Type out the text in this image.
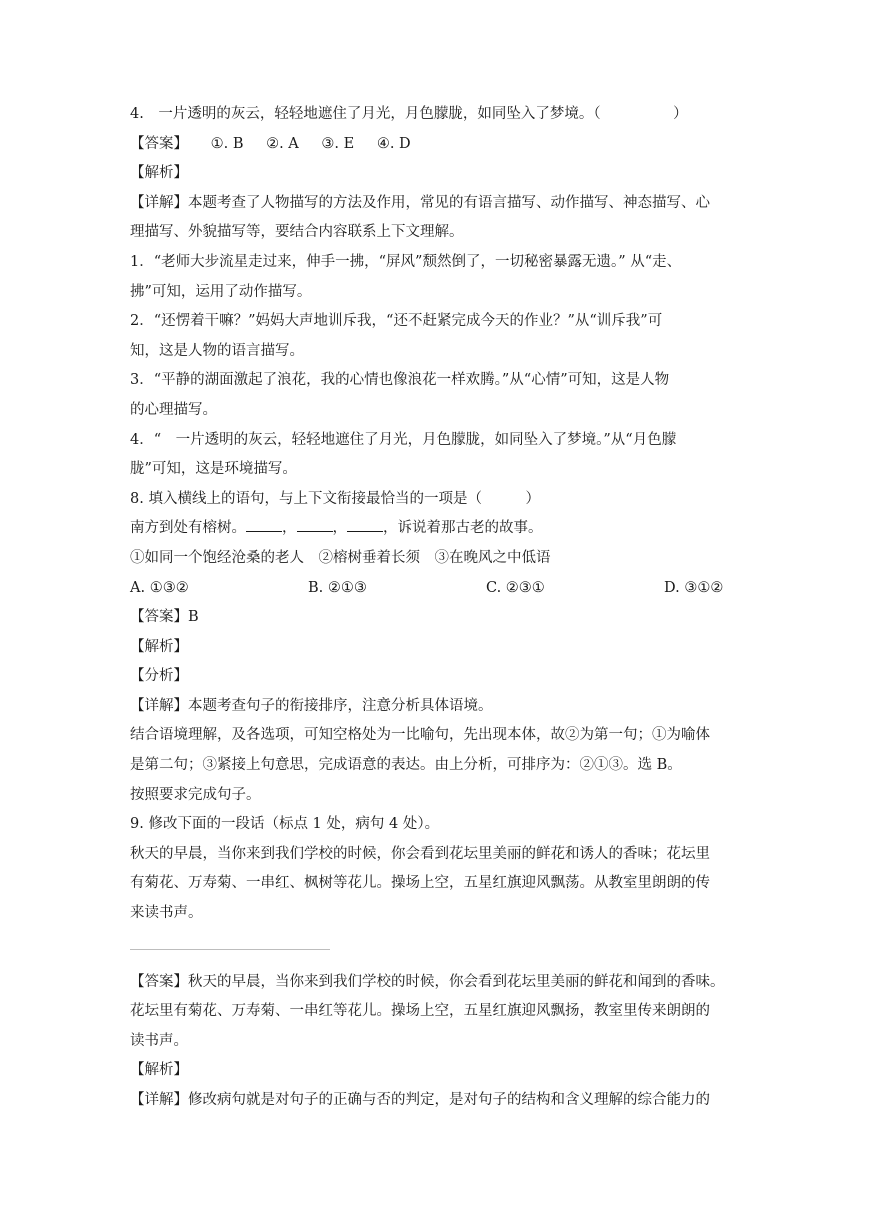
4.　一片透明的灰云，轻轻地遮住了月光，月色朦胧，如同坠入了梦境。（　　　　　）
【答案】 ①. B ②. A ③. E ④. D
【解析】
【详解】本题考查了人物描写的方法及作用，常见的有语言描写、动作描写、神态描写、心
理描写、外貌描写等，要结合内容联系上下文理解。
1．“老师大步流星走过来，伸手一拂，“屏风”颓然倒了，一切秘密暴露无遗。” 从“走、
拂”可知，运用了动作描写。
2．“还愣着干嘛？”妈妈大声地训斥我，“还不赶紧完成今天的作业？”从“训斥我”可
知，这是人物的语言描写。
3．“平静的湖面激起了浪花，我的心情也像浪花一样欢腾。”从“心情”可知，这是人物
的心理描写。
4．“　一片透明的灰云，轻轻地遮住了月光，月色朦胧，如同坠入了梦境。”从“月色朦
胧”可知，这是环境描写。
8. 填入横线上的语句，与上下文衔接最恰当的一项是（　　　）
南方到处有榕树。 ， ， ，诉说着那古老的故事。
①如同一个饱经沧桑的老人　②榕树垂着长须　③在晚风之中低语
A. ①③②	B. ②①③	C. ②③①	D. ③①②
【答案】B
【解析】
【分析】
【详解】本题考查句子的衔接排序，注意分析具体语境。
结合语境理解，及各选项，可知空格处为一比喻句，先出现本体，故②为第一句；①为喻体
是第二句；③紧接上句意思，完成语意的表达。由上分析，可排序为：②①③。选 B。
按照要求完成句子。
9. 修改下面的一段话（标点 1 处，病句 4 处）。
秋天的早晨，当你来到我们学校的时候，你会看到花坛里美丽的鲜花和诱人的香味；花坛里
有菊花、万寿菊、一串红、枫树等花儿。操场上空，五星红旗迎风飘荡。从教室里朗朗的传
来读书声。
【答案】秋天的早晨，当你来到我们学校的时候，你会看到花坛里美丽的鲜花和闻到的香味。
花坛里有菊花、万寿菊、一串红等花儿。操场上空，五星红旗迎风飘扬，教室里传来朗朗的
读书声。
【解析】
【详解】修改病句就是对句子的正确与否的判定，是对句子的结构和含义理解的综合能力的
